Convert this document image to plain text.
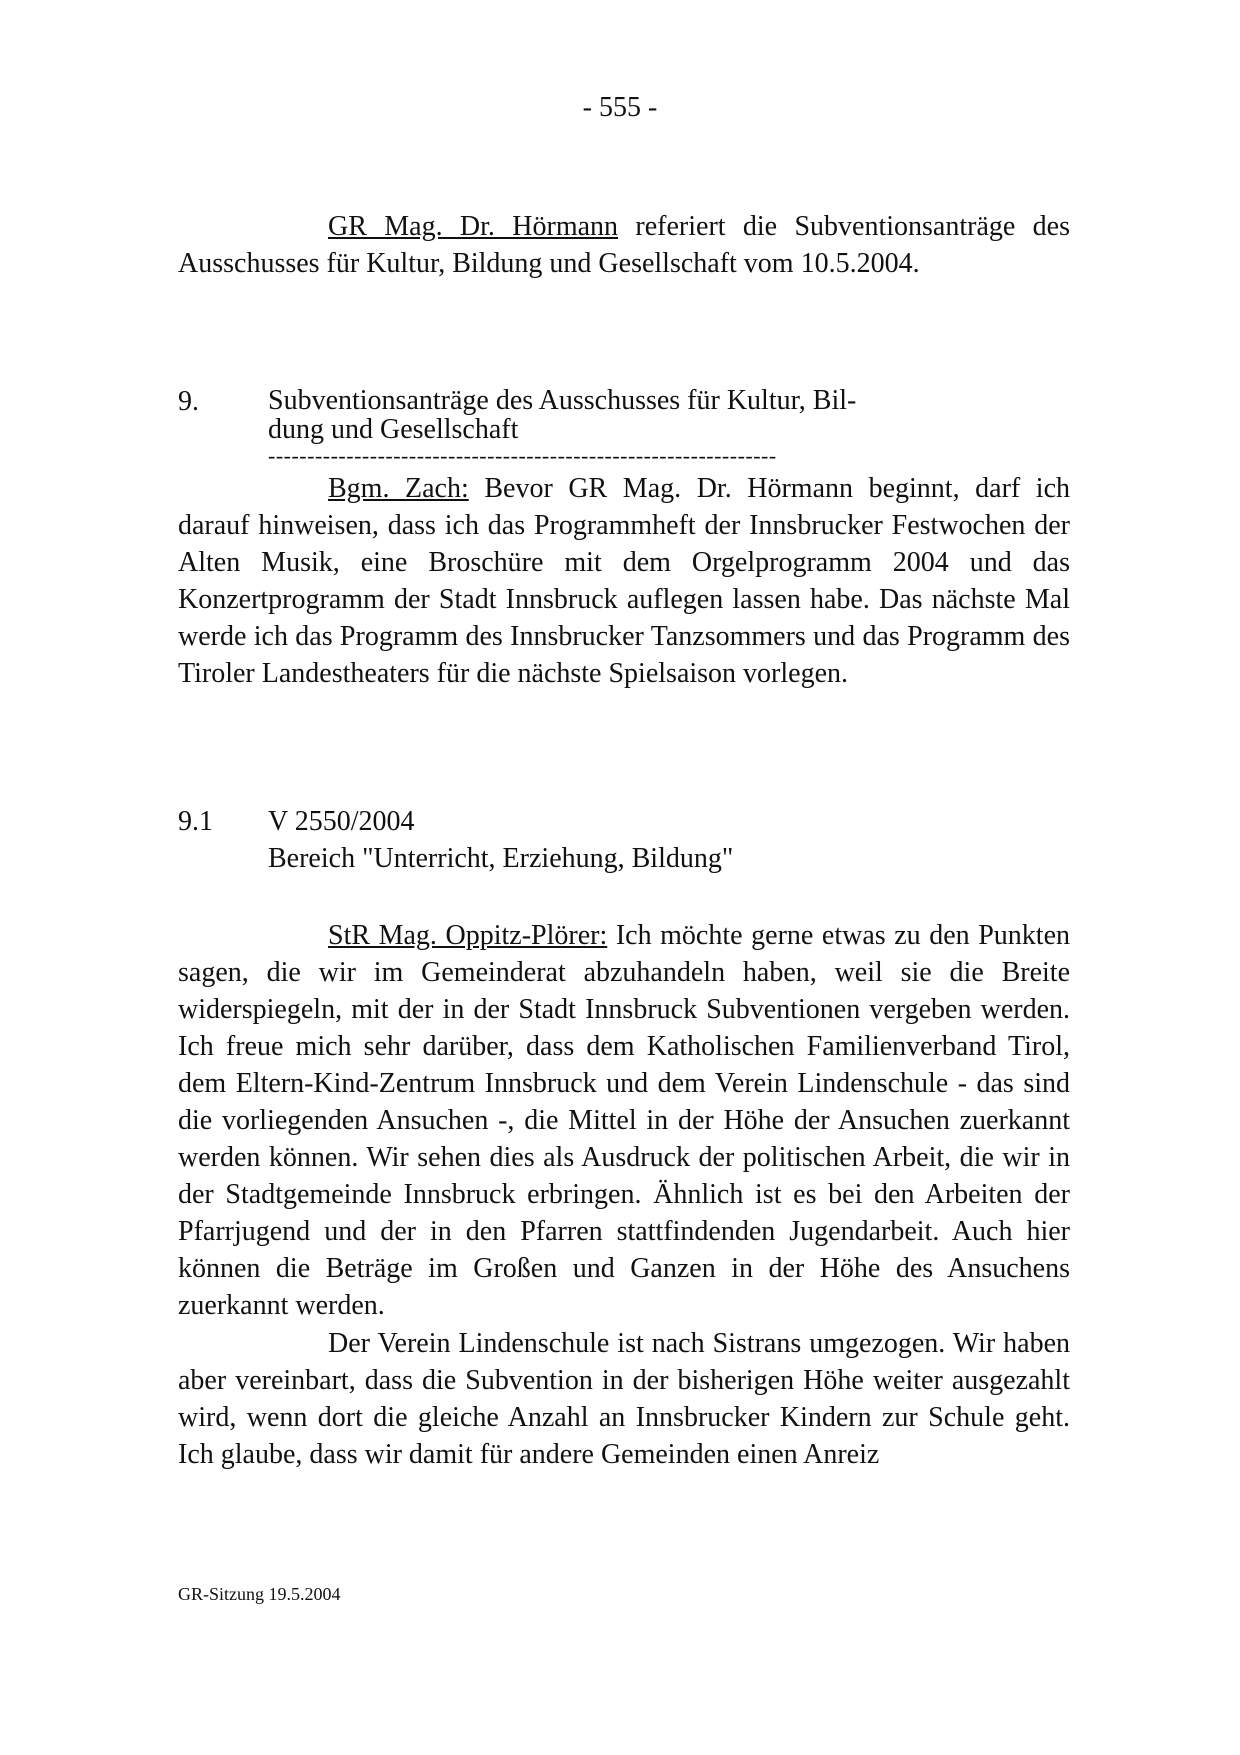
- 555 -

GR Mag. Dr. Hörmann referiert die Subventionsanträge des Ausschusses für Kultur, Bildung und Gesellschaft vom 10.5.2004.

9. Subventionsanträge des Ausschusses für Kultur, Bil-
dung und Gesellschaft
-----------------------------------------------------------------

Bgm. Zach: Bevor GR Mag. Dr. Hörmann beginnt, darf ich darauf hinweisen, dass ich das Programmheft der Innsbrucker Festwochen der Alten Musik, eine Broschüre mit dem Orgelprogramm 2004 und das Konzertprogramm der Stadt Innsbruck auflegen lassen habe. Das nächste Mal werde ich das Programm des Innsbrucker Tanzsommers und das Programm des Tiroler Landestheaters für die nächste Spielsaison vorlegen.

9.1 V 2550/2004
Bereich "Unterricht, Erziehung, Bildung"

StR Mag. Oppitz-Plörer: Ich möchte gerne etwas zu den Punkten sagen, die wir im Gemeinderat abzuhandeln haben, weil sie die Breite widerspiegeln, mit der in der Stadt Innsbruck Subventionen vergeben werden. Ich freue mich sehr darüber, dass dem Katholischen Familienverband Tirol, dem Eltern-Kind-Zentrum Innsbruck und dem Verein Lindenschule - das sind die vorliegenden Ansuchen -, die Mittel in der Höhe der Ansuchen zuerkannt werden können. Wir sehen dies als Ausdruck der politischen Arbeit, die wir in der Stadtgemeinde Innsbruck erbringen. Ähnlich ist es bei den Arbeiten der Pfarrjugend und der in den Pfarren stattfindenden Jugendarbeit. Auch hier können die Beträge im Großen und Ganzen in der Höhe des Ansuchens zuerkannt werden.

Der Verein Lindenschule ist nach Sistrans umgezogen. Wir haben aber vereinbart, dass die Subvention in der bisherigen Höhe weiter ausgezahlt wird, wenn dort die gleiche Anzahl an Innsbrucker Kindern zur Schule geht. Ich glaube, dass wir damit für andere Gemeinden einen Anreiz

GR-Sitzung 19.5.2004
